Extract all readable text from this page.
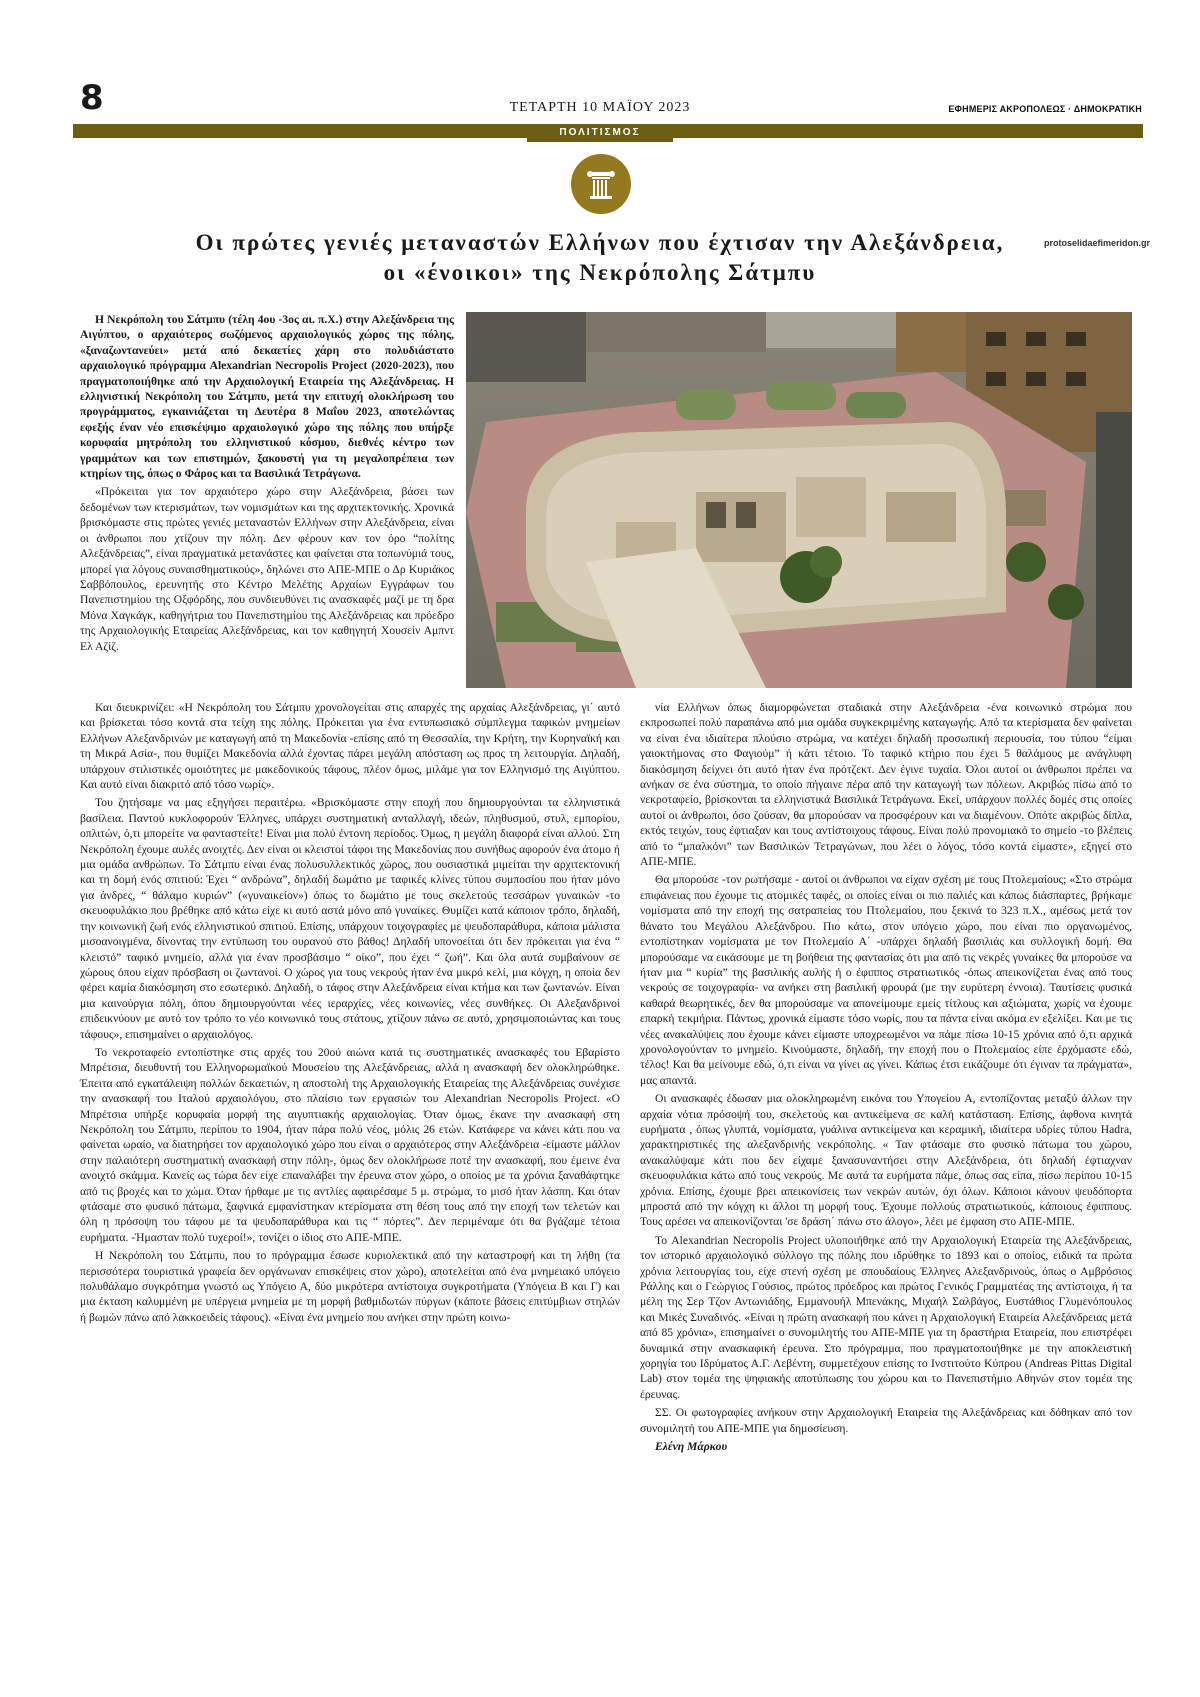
8	ΤΕΤΑΡΤΗ 10 ΜΑΪΟΥ 2023	ΕΦΗΜΕΡΙΣ ΑΚΡΟΠΟΛΕΩΣ · ΔΗΜΟΚΡΑΤΙΚΗ
ΠΟΛΙΤΙΣΜΟΣ
Οι πρώτες γενιές μεταναστών Ελλήνων που έχτισαν την Αλεξάνδρεια,
οι «ένοικοι» της Νεκρόπολης Σάτμπυ
protoselidaefimeridon.gr

Η Νεκρόπολη του Σάτμπυ (τέλη 4ου -3ος αι. π.Χ.) στην Αλεξάνδρεια της Αιγύπτου, ο αρχαιότερος σωζόμενος αρχαιολογικός χώρος της πόλης, «ξαναζωντανεύει» μετά από δεκαετίες χάρη στο πολυδιάστατο αρχαιολογικό πρόγραμμα Alexandrian Necropolis Project (2020-2023), που πραγματοποιήθηκε από την Αρχαιολογική Εταιρεία της Αλεξάνδρειας. Η ελληνιστική Νεκρόπολη του Σάτμπυ, μετά την επιτυχή ολοκλήρωση του προγράμματος, εγκαινιάζεται τη Δευτέρα 8 Μαΐου 2023, αποτελώντας εφεξής έναν νέο επισκέψιμο αρχαιολογικό χώρο της πόλης που υπήρξε κορυφαία μητρόπολη του ελληνιστικού κόσμου, διεθνές κέντρο των γραμμάτων και των επιστημών, ξακουστή για τη μεγαλοπρέπεια των κτηρίων της, όπως ο Φάρος και τα Βασιλικά Τετράγωνα.

«Πρόκειται για τον αρχαιότερο χώρο στην Αλεξάνδρεια, βάσει των δεδομένων των κτερισμάτων, των νομισμάτων και της αρχιτεκτονικής. Χρονικά βρισκόμαστε στις πρώτες γενιές μεταναστών Ελλήνων στην Αλεξάνδρεια, είναι οι άνθρωποι που χτίζουν την πόλη. Δεν φέρουν καν τον όρο “πολίτης Αλεξάνδρειας”, είναι πραγματικά μετανάστες και φαίνεται στα τοπωνύμιά τους, μπορεί για λόγους συναισθηματικούς», δηλώνει στο ΑΠΕ-ΜΠΕ ο Δρ Κυριάκος Σαββόπουλος, ερευνητής στο Κέντρο Μελέτης Αρχαίων Εγγράφων του Πανεπιστημίου της Οξφόρδης, που συνδιευθύνει τις ανασκαφές μαζί με τη δρα Μόνα Χαγκάγκ, καθηγήτρια του Πανεπιστημίου της Αλεξάνδρειας και πρόεδρο της Αρχαιολογικής Εταιρείας Αλεξάνδρειας, και τον καθηγητή Χουσείν Αμπντ Ελ Αζίζ.

Και διευκρινίζει: «Η Νεκρόπολη του Σάτμπυ χρονολογείται στις απαρχές της αρχαίας Αλεξάνδρειας, γι΄ αυτό και βρίσκεται τόσο κοντά στα τείχη της πόλης. Πρόκειται για ένα εντυπωσιακό σύμπλεγμα ταφικών μνημείων Ελλήνων Αλεξανδρινών με καταγωγή από τη Μακεδονία -επίσης από τη Θεσσαλία, την Κρήτη, την Κυρηναϊκή και τη Μικρά Ασία-, που θυμίζει Μακεδονία αλλά έχοντας πάρει μεγάλη απόσταση ως προς τη λειτουργία. Δηλαδή, υπάρχουν στιλιστικές ομοιότητες με μακεδονικούς τάφους, πλέον όμως, μιλάμε για τον Ελληνισμό της Αιγύπτου. Και αυτό είναι διακριτό από τόσο νωρίς».

Του ζητήσαμε να μας εξηγήσει περαιτέρω. «Βρισκόμαστε στην εποχή που δημιουργούνται τα ελληνιστικά βασίλεια. Παντού κυκλοφορούν Έλληνες, υπάρχει συστηματική ανταλλαγή, ιδεών, πληθυσμού, στυλ, εμπορίου, οπλιτών, ό,τι μπορείτε να φανταστείτε! Είναι μια πολύ έντονη περίοδος. Όμως, η μεγάλη διαφορά είναι αλλού. Στη Νεκρόπολη έχουμε αυλές ανοιχτές. Δεν είναι οι κλειστοί τάφοι της Μακεδονίας που συνήθως αφορούν ένα άτομο ή μια ομάδα ανθρώπων. Το Σάτμπυ είναι ένας πολυσυλλεκτικός χώρος, που ουσιαστικά μιμείται την αρχιτεκτονική και τη δομή ενός σπιτιού: Έχει “ ανδρώνα”, δηλαδή δωμάτιο με ταφικές κλίνες τύπου συμποσίου που ήταν μόνο για άνδρες, “ θάλαμο κυριών” («γυναικείον») όπως το δωμάτιο με τους σκελετούς τεσσάρων γυναικών -το σκευοφυλάκιο που βρέθηκε από κάτω είχε κι αυτό αστά μόνο από γυναίκες. Θυμίζει κατά κάποιον τρόπο, δηλαδή, την κοινωνική ζωή ενός ελληνιστικού σπιτιού. Επίσης, υπάρχουν τοιχογραφίες με ψευδοπαράθυρα, κάποια μάλιστα μισοανοιγμένα, δίνοντας την εντύπωση του ουρανού στο βάθος! Δηλαδή υπονοείται ότι δεν πρόκειται για ένα “ κλειστό” ταφικό μνημείο, αλλά για έναν προσβάσιμο “ οίκο”, που έχει “ ζωή”. Και όλα αυτά συμβαίνουν σε χώρους όπου είχαν πρόσβαση οι ζωντανοί. Ο χώρος για τους νεκρούς ήταν ένα μικρό κελί, μια κόγχη, η οποία δεν φέρει καμία διακόσμηση στο εσωτερικό. Δηλαδή, ο τάφος στην Αλεξάνδρεια είναι κτήμα και των ζωντανών. Είναι μια καινούργια πόλη, όπου δημιουργούνται νέες ιεραρχίες, νέες κοινωνίες, νέες συνθήκες. Οι Αλεξανδρινοί επιδεικνύουν με αυτό τον τρόπο το νέο κοινωνικό τους στάτους, χτίζουν πάνω σε αυτό, χρησιμοποιώντας και τους τάφους», επισημαίνει ο αρχαιολόγος.

Το νεκροταφείο εντοπίστηκε στις αρχές του 20ού αιώνα κατά τις συστηματικές ανασκαφές του Εβαρίστο Μπρέτσια, διευθυντή του Ελληνορωμαϊκού Μουσείου της Αλεξάνδρειας, αλλά η ανασκαφή δεν ολοκληρώθηκε. Έπειτα από εγκατάλειψη πολλών δεκαετιών, η αποστολή της Αρχαιολογικής Εταιρείας της Αλεξάνδρειας συνέχισε την ανασκαφή του Ιταλού αρχαιολόγου, στο πλαίσιο των εργασιών του Alexandrian Necropolis Project. «Ο Μπρέτσια υπήρξε κορυφαία μορφή της αιγυπτιακής αρχαιολογίας. Όταν όμως, έκανε την ανασκαφή στη Νεκρόπολη του Σάτμπυ, περίπου το 1904, ήταν πάρα πολύ νέος, μόλις 26 ετών. Κατάφερε να κάνει κάτι που να φαίνεται ωραίο, να διατηρήσει τον αρχαιολογικό χώρο που είναι ο αρχαιότερος στην Αλεξάνδρεια -είμαστε μάλλον στην παλαιότερη συστηματική ανασκαφή στην πόλη-, όμως δεν ολοκλήρωσε ποτέ την ανασκαφή, που έμεινε ένα ανοιχτό σκάμμα. Κανείς ως τώρα δεν είχε επαναλάβει την έρευνα στον χώρο, ο οποίος με τα χρόνια ξαναθάφτηκε από τις βροχές και το χώμα. Όταν ήρθαμε με τις αντλίες αφαιρέσαμε 5 μ. στρώμα, το μισό ήταν λάσπη. Και όταν φτάσαμε στο φυσικό πάτωμα, ξαφνικά εμφανίστηκαν κτερίσματα στη θέση τους από την εποχή των τελετών και όλη η πρόσοψη του τάφου με τα ψευδοπαράθυρα και τις “ πόρτες”. Δεν περιμέναμε ότι θα βγάζαμε τέτοια ευρήματα. -Ήμασταν πολύ τυχεροί!», τονίζει ο ίδιος στο ΑΠΕ-ΜΠΕ.

Η Νεκρόπολη του Σάτμπυ, που το πρόγραμμα έσωσε κυριολεκτικά από την καταστροφή και τη λήθη (τα περισσότερα τουριστικά γραφεία δεν οργάνωναν επισκέψεις στον χώρο), αποτελείται από ένα μνημειακό υπόγειο πολυθάλαμο συγκρότημα γνωστό ως Υπόγειο Α, δύο μικρότερα αντίστοιχα συγκροτήματα (Υπόγεια Β και Γ) και μια έκταση καλυμμένη με υπέργεια μνημεία με τη μορφή βαθμιδωτών πύργων (κάποτε βάσεις επιτύμβιων στηλών ή βωμών πάνω από λακκοειδείς τάφους). «Είναι ένα μνημείο που ανήκει στην πρώτη κοινω-

νία Ελλήνων όπως διαμορφώνεται σταδιακά στην Αλεξάνδρεια -ένα κοινωνικό στρώμα που εκπροσωπεί πολύ παραπάνω από μια ομάδα συγκεκριμένης καταγωγής. Από τα κτερίσματα δεν φαίνεται να είναι ένα ιδιαίτερα πλούσιο στρώμα, να κατέχει δηλαδή προσωπική περιουσία, του τύπου “είμαι γαιοκτήμονας στο Φαγιούμ” ή κάτι τέτοιο. Το ταφικό κτήριο που έχει 5 θαλάμους με ανάγλυφη διακόσμηση δείχνει ότι αυτό ήταν ένα πρότζεκτ. Δεν έγινε τυχαία. Όλοι αυτοί οι άνθρωποι πρέπει να ανήκαν σε ένα σύστημα, το οποίο πήγαινε πέρα από την καταγωγή των πόλεων. Ακριβώς πίσω από το νεκροταφείο, βρίσκονται τα ελληνιστικά Βασιλικά Τετράγωνα. Εκεί, υπάρχουν πολλές δομές στις οποίες αυτοί οι άνθρωποι, όσο ζούσαν, θα μπορούσαν να προσφέρουν και να διαμένουν. Οπότε ακριβώς δίπλα, εκτός τειχών, τους έφτιαξαν και τους αντίστοιχους τάφους. Είναι πολύ προνομιακό το σημείο -το βλέπεις από το “μπαλκόνι” των Βασιλικών Τετραγώνων, που λέει ο λόγος, τόσο κοντά είμαστε», εξηγεί στο ΑΠΕ-ΜΠΕ.

Θα μπορούσε -τον ρωτήσαμε - αυτοί οι άνθρωποι να είχαν σχέση με τους Πτολεμαίους; «Στο στρώμα επιφάνειας που έχουμε τις ατομικές ταφές, οι οποίες είναι οι πιο παλιές και κάπως διάσπαρτες, βρήκαμε νομίσματα από την εποχή της σατραπείας του Πτολεμαίου, που ξεκινά το 323 π.Χ., αμέσως μετά τον θάνατο του Μεγάλου Αλεξάνδρου. Πιο κάτω, στον υπόγειο χώρο, που είναι πιο οργανωμένος, εντοπίστηκαν νομίσματα με τον Πτολεμαίο Α΄ -υπάρχει δηλαδή βασιλιάς και συλλογική δομή. Θα μπορούσαμε να εικάσουμε με τη βοήθεια της φαντασίας ότι μια από τις νεκρές γυναίκες θα μπορούσε να ήταν μια “ κυρία” της βασιλικής αυλής ή ο έφιππος στρατιωτικός -όπως απεικονίζεται ένας από τους νεκρούς σε τοιχογραφία- να ανήκει στη βασιλική φρουρά (με την ευρύτερη έννοια). Ταυτίσεις φυσικά καθαρά θεωρητικές, δεν θα μπορούσαμε να απονείμουμε εμείς τίτλους και αξιώματα, χωρίς να έχουμε επαρκή τεκμήρια. Πάντως, χρονικά είμαστε τόσο νωρίς, που τα πάντα είναι ακόμα εν εξελίξει. Και με τις νέες ανακαλύψεις που έχουμε κάνει είμαστε υποχρεωμένοι να πάμε πίσω 10-15 χρόνια από ό,τι αρχικά χρονολογούνταν το μνημείο. Κινούμαστε, δηλαδή, την εποχή που ο Πτολεμαίος είπε έρχόμαστε εδώ, τέλος! Και θα μείνουμε εδώ, ό,τι είναι να γίνει ας γίνει. Κάπως έτσι εικάζουμε ότι έγιναν τα πράγματα», μας απαντά.

Οι ανασκαφές έδωσαν μια ολοκληρωμένη εικόνα του Υπογείου Α, εντοπίζοντας μεταξύ άλλων την αρχαία νότια πρόσοψή του, σκελετούς και αντικείμενα σε καλή κατάσταση. Επίσης, άφθονα κινητά ευρήματα , όπως γλυπτά, νομίσματα, γυάλινα αντικείμενα και κεραμική, ιδιαίτερα υδρίες τύπου Hadra, χαρακτηριστικές της αλεξανδρινής νεκρόπολης. « Ταν φτάσαμε στο φυσικό πάτωμα του χώρου, ανακαλύψαμε κάτι που δεν είχαμε ξανασυναντήσει στην Αλεξάνδρεια, ότι δηλαδή έφτιαχναν σκευοφυλάκια κάτω από τους νεκρούς. Με αυτά τα ευρήματα πάμε, όπως σας είπα, πίσω περίπου 10-15 χρόνια. Επίσης, έχουμε βρει απεικονίσεις των νεκρών αυτών, όχι όλων. Κάποιοι κάνουν ψευδόπορτα μπροστά από την κόγχη κι άλλοι τη μορφή τους. Έχουμε πολλούς στρατιωτικούς, κάποιους έφιππους. Τους αρέσει να απεικονίζονται 'σε δράση΄ πάνω στο άλογο», λέει με έμφαση στο ΑΠΕ-ΜΠΕ.

Το Alexandrian Necropolis Project υλοποιήθηκε από την Αρχαιολογική Εταιρεία της Αλεξάνδρειας, τον ιστορικό αρχαιολογικό σύλλογο της πόλης που ιδρύθηκε το 1893 και ο οποίος, ειδικά τα πρώτα χρόνια λειτουργίας του, είχε στενή σχέση με σπουδαίους Έλληνες Αλεξανδρινούς, όπως ο Αμβρόσιος Ράλλης και ο Γεώργιος Γούσιος, πρώτος πρόεδρος και πρώτος Γενικός Γραμματέας της αντίστοιχα, ή τα μέλη της Σερ Τζον Αντωνιάδης, Εμμανουήλ Μπενάκης, Μιχαήλ Σαλβάγος, Ευστάθιος Γλυμενόπουλος και Μικές Συναδινός. «Είναι η πρώτη ανασκαφή που κάνει η Αρχαιολογική Εταιρεία Αλεξάνδρειας μετά από 85 χρόνια», επισημαίνει ο συνομιλητής του ΑΠΕ-ΜΠΕ για τη δραστήρια Εταιρεία, που επιστρέφει δυναμικά στην ανασκαφική έρευνα. Στο πρόγραμμα, που πραγματοποιήθηκε με την αποκλειστική χορηγία του Ιδρύματος Α.Γ. Λεβέντη, συμμετέχουν επίσης το Ινστιτούτο Κύπρου (Andreas Pittas Digital Lab) στον τομέα της ψηφιακής αποτύπωσης του χώρου και το Πανεπιστήμιο Αθηνών στον τομέα της έρευνας.

ΣΣ. Οι φωτογραφίες ανήκουν στην Αρχαιολογική Εταιρεία της Αλεξάνδρειας και δόθηκαν από τον συνομιλητή του ΑΠΕ-ΜΠΕ για δημοσίευση.

Ελένη Μάρκου
